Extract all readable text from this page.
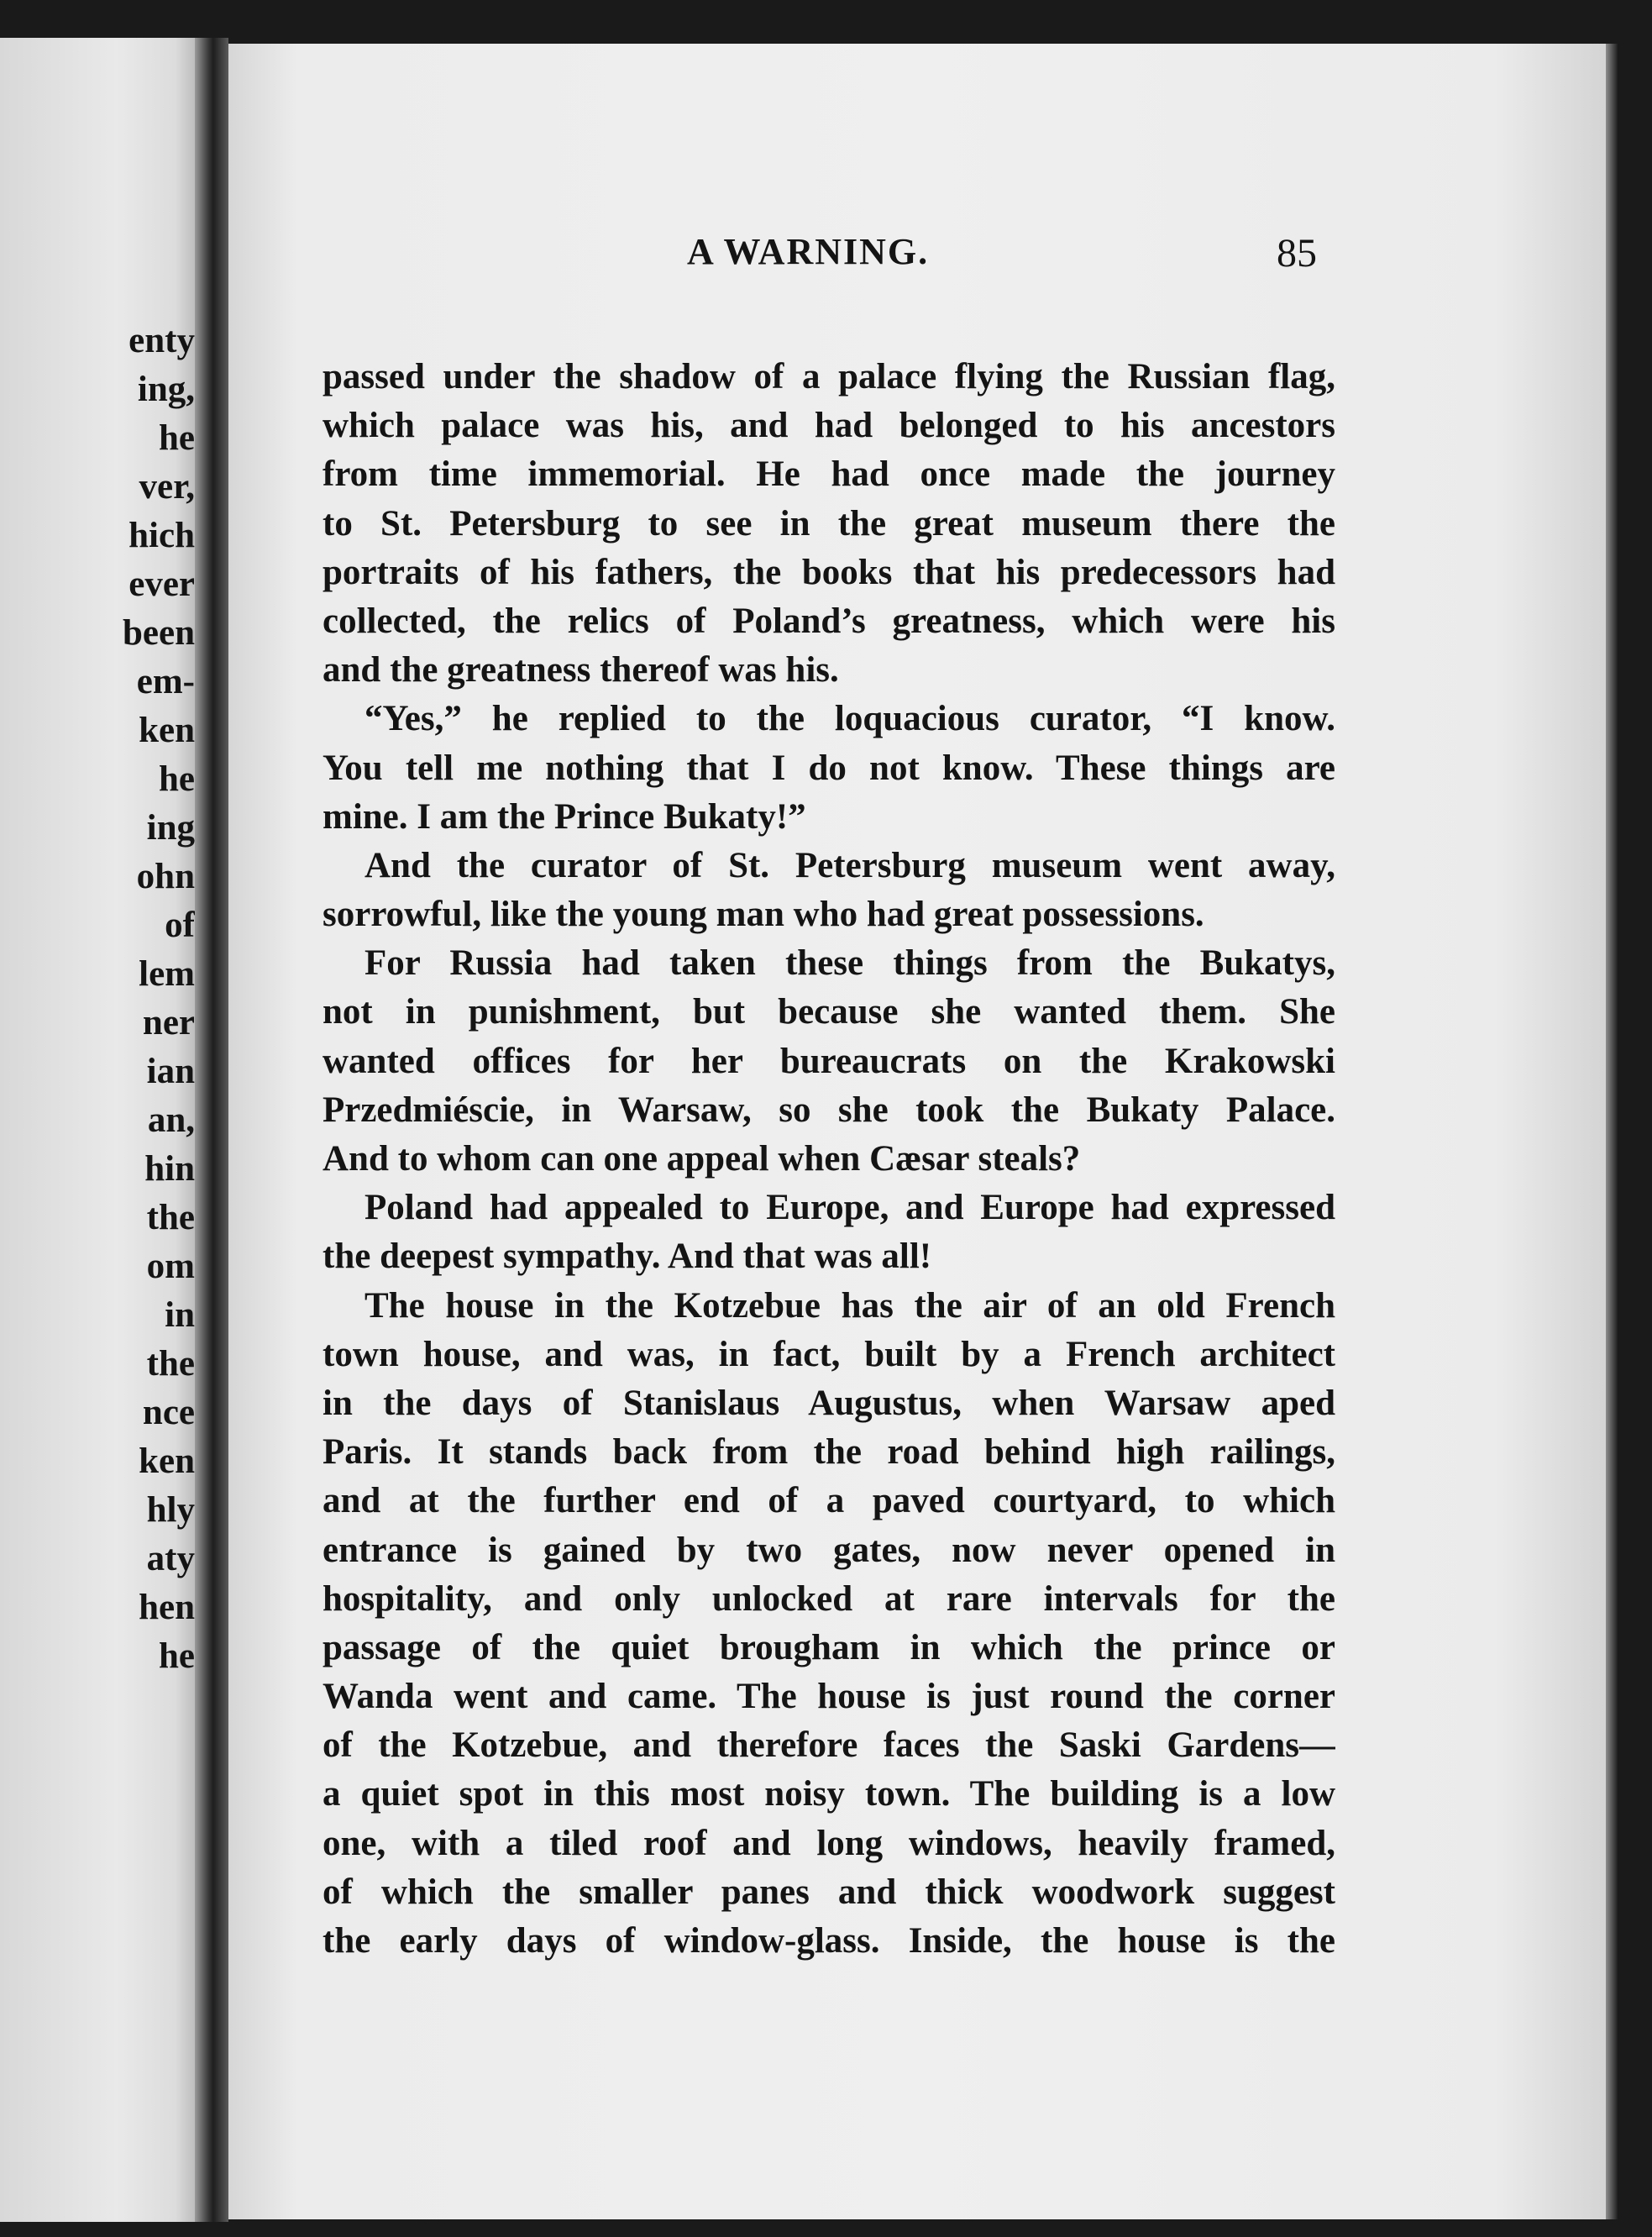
enty
ing,
he
ver,
hich
ever
been
em-
ken
he
ing
ohn
of
lem
ner
ian
an,
hin
the
om
in
the
nce
ken
hly
aty
hen
he
A WARNING.	85
passed under the shadow of a palace flying the Russian flag,
which palace was his, and had belonged to his ancestors
from time immemorial. He had once made the journey
to St. Petersburg to see in the great museum there the
portraits of his fathers, the books that his predecessors had
collected, the relics of Poland’s greatness, which were his
and the greatness thereof was his.
“Yes,” he replied to the loquacious curator, “I know.
You tell me nothing that I do not know. These things are
mine. I am the Prince Bukaty!”
And the curator of St. Petersburg museum went away,
sorrowful, like the young man who had great possessions.
For Russia had taken these things from the Bukatys,
not in punishment, but because she wanted them. She
wanted offices for her bureaucrats on the Krakowski
Przedmiéscie, in Warsaw, so she took the Bukaty Palace.
And to whom can one appeal when Cæsar steals?
Poland had appealed to Europe, and Europe had expressed
the deepest sympathy. And that was all!
The house in the Kotzebue has the air of an old French
town house, and was, in fact, built by a French architect
in the days of Stanislaus Augustus, when Warsaw aped
Paris. It stands back from the road behind high railings,
and at the further end of a paved courtyard, to which
entrance is gained by two gates, now never opened in
hospitality, and only unlocked at rare intervals for the
passage of the quiet brougham in which the prince or
Wanda went and came. The house is just round the corner
of the Kotzebue, and therefore faces the Saski Gardens—
a quiet spot in this most noisy town. The building is a low
one, with a tiled roof and long windows, heavily framed,
of which the smaller panes and thick woodwork suggest
the early days of window-glass. Inside, the house is the
